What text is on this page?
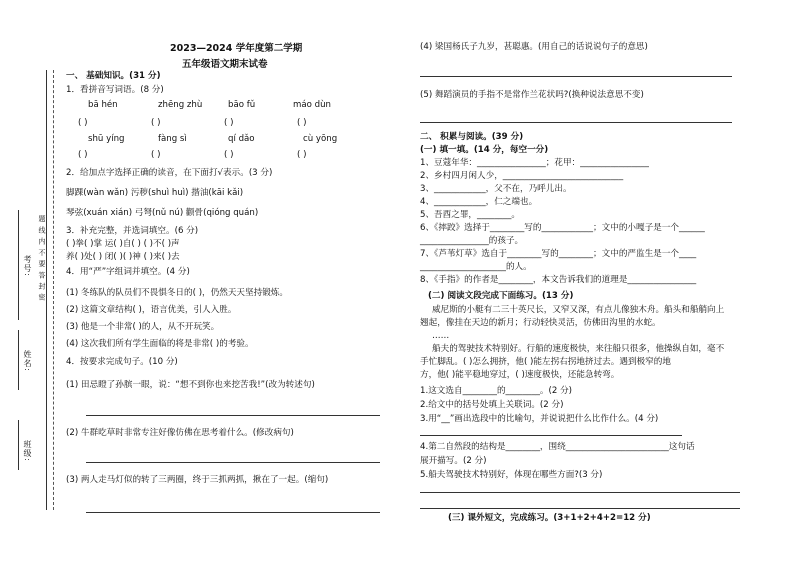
题 线 内 不 要 答 封 密
考号:
姓名:
班级:
2023—2024 学年度第二学期
五年级语文期末试卷
一、 基础知识。(31 分)
1．看拼音写词语。(8 分)
bā hén	zhēng zhù	bāo fǔ	máo dùn
( )	( )	( )	( )
shū yíng	fàng sì	qí dǎo	cù yōng
( )	( )	( )	( )
2．给加点字选择正确的读音，在下面打√表示。(3 分)
脚踝(wàn wǎn) 污秽(shuì huì) 揩油(kāi kǎi)
琴弦(xuán xián) 弓弩(nǔ nú) 颧骨(qióng quán)
3．补充完整，并选词填空。(6 分)
( )拳( )掌 运( )自( ) ( )不( )声
养( )处( ) 闭( )( )神 ( )来( )去
4．用“严”字组词并填空。(4 分)
(1) 冬练队的队员们不畏惧冬日的( )，仍然天天坚持锻炼。
(2) 这篇文章结构( )，语言优美，引人入胜。
(3) 他是一个非常( )的人，从不开玩笑。
(4) 这次我们所有学生面临的将是非常( )的考验。
4．按要求完成句子。(10 分)
(1) 田忌瞪了孙膑一眼，说：“想不到你也来挖苦我!”(改为转述句)
(2) 牛群吃草时非常专注好像仿佛在思考着什么。(修改病句)
(3) 两人走马灯似的转了三两圈，终于三抓两抓，揪在了一起。(缩句)
(4) 梁国杨氏子九岁，甚聪惠。(用自己的话说说句子的意思)
(5) 舞蹈演员的手指不是常作兰花状吗?(换种说法意思不变)
二、 积累与阅读。(39 分)
(一) 填一填。(14 分，每空一分)
1、豆蔻年华：________________；花甲：________________
2、乡村四月闲人少，____________________________
3、____________，父不在，乃呼儿出。
4、____________，仁之端也。
5、吾酉之罪，________。
6、《摔跤》选择于________写的____________；文中的小嘎子是一个______
________________的孩子。
7、《芦苇灯草》选自于________写的________；文中的严监生是一个____
____________________的人。
8、《手指》的作者是________，本文告诉我们的道理是________________
(二) 阅读文段完成下面练习。(13 分)
威尼斯的小艇有二三十英尺长，又窄又深，有点儿像独木舟。船头和船艄向上
翘起，像挂在天边的新月；行动轻快灵活，仿佛田沟里的水蛇。
……
船夫的驾驶技术特别好。行船的速度极快，来往船只很多，他操纵自如，毫不
手忙脚乱。( )怎么拥挤，他( )能左拐右拐地挤过去。遇到极窄的地
方，他( )能平稳地穿过，( )速度极快，还能急转弯。
1.这文选自________的________。(2 分)
2.给文中的括号处填上关联词。(2 分)
3.用“__”画出选段中的比喻句，并说说把什么比作什么。(4 分)
4.第二自然段的结构是________，围绕________________________这句话
展开描写。(2 分)
5.船夫驾驶技术特别好，体现在哪些方面?(3 分)
(三) 课外短文，完成练习。(3+1+2+4+2=12 分)
